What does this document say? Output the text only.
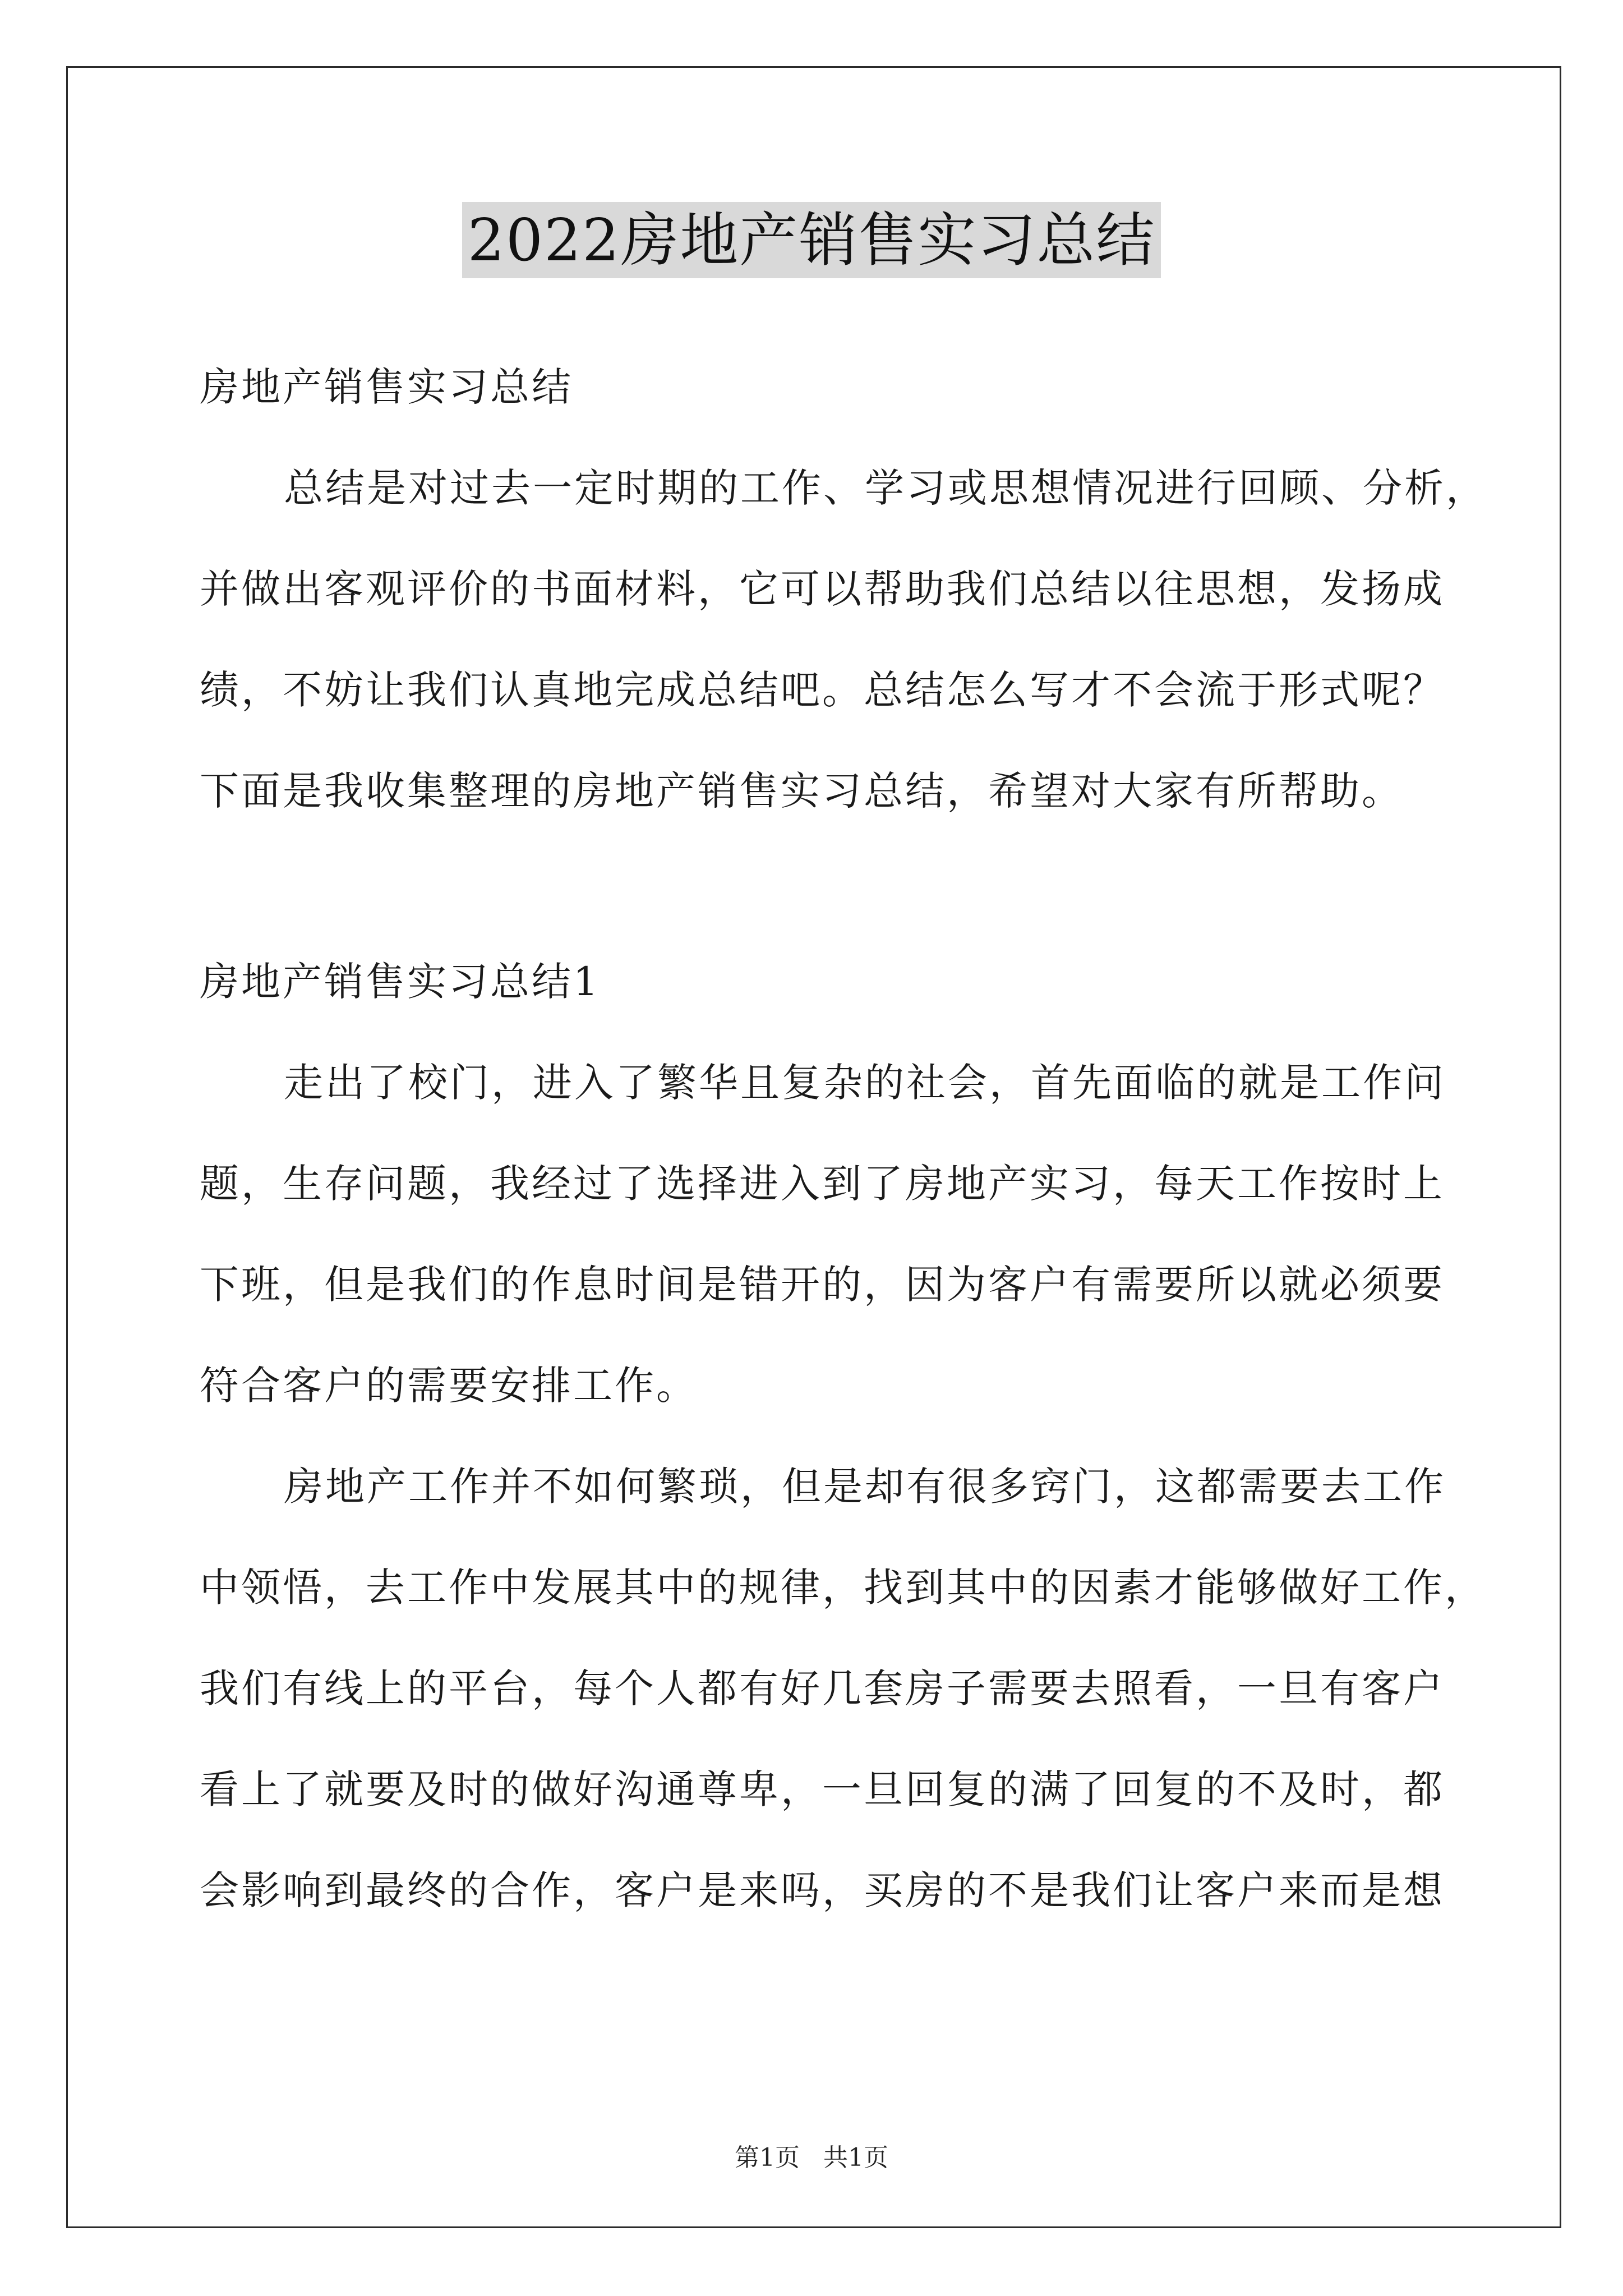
2022房地产销售实习总结

房地产销售实习总结

总结是对过去一定时期的工作、学习或思想情况进行回顾、分析，

并做出客观评价的书面材料，它可以帮助我们总结以往思想，发扬成

绩，不妨让我们认真地完成总结吧。总结怎么写才不会流于形式呢？

下面是我收集整理的房地产销售实习总结，希望对大家有所帮助。

房地产销售实习总结1

走出了校门，进入了繁华且复杂的社会，首先面临的就是工作问

题，生存问题，我经过了选择进入到了房地产实习，每天工作按时上

下班，但是我们的作息时间是错开的，因为客户有需要所以就必须要

符合客户的需要安排工作。

房地产工作并不如何繁琐，但是却有很多窍门，这都需要去工作

中领悟，去工作中发展其中的规律，找到其中的因素才能够做好工作，

我们有线上的平台，每个人都有好几套房子需要去照看，一旦有客户

看上了就要及时的做好沟通尊卑，一旦回复的满了回复的不及时，都

会影响到最终的合作，客户是来吗，买房的不是我们让客户来而是想

第1页   共1页
